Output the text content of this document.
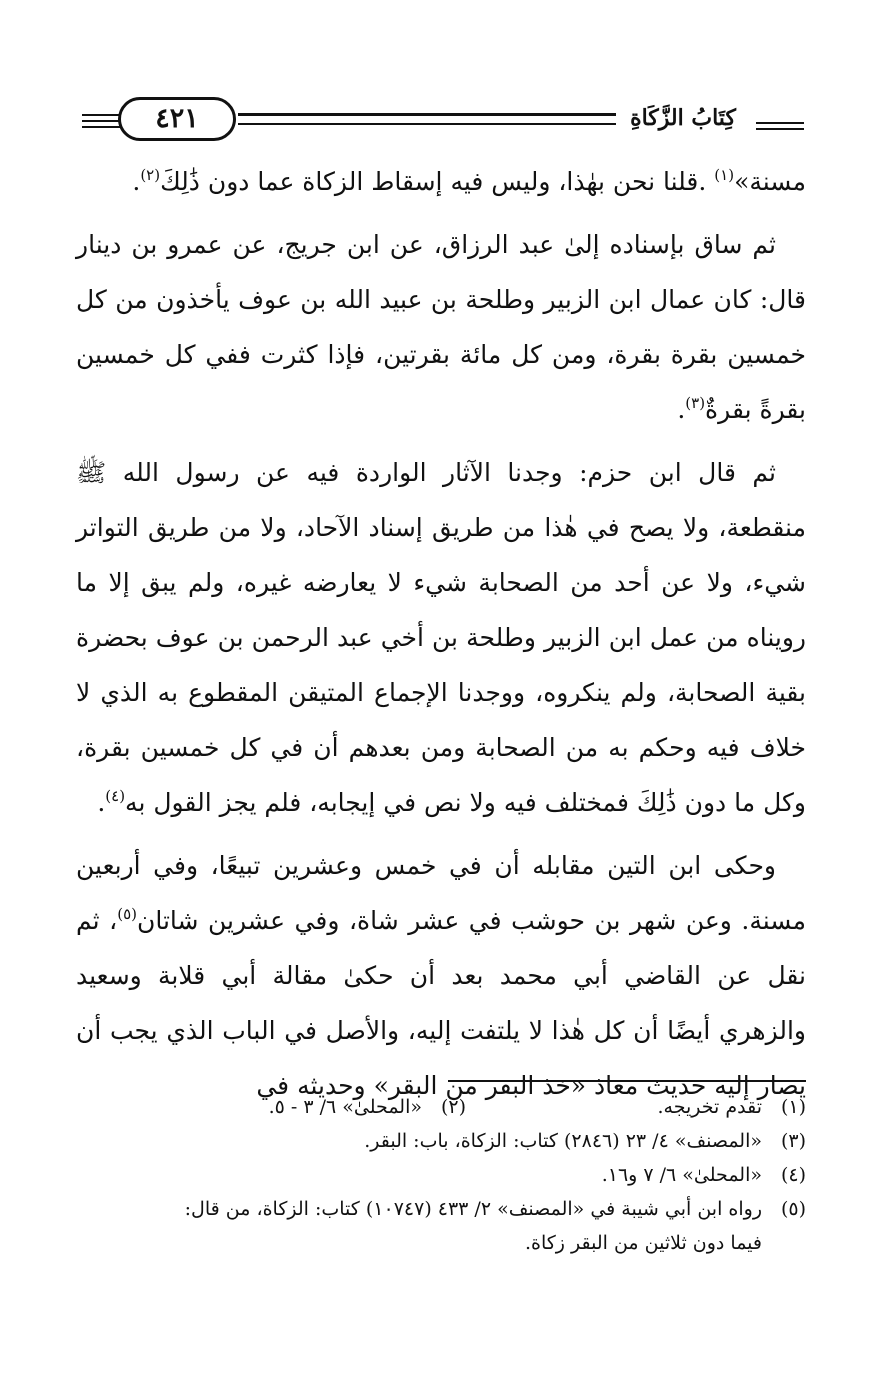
٤٢١	كِتَابُ الزَّكَاةِ

مسنة»$^{(١)}$ .قلنا نحن بهٰذا، وليس فيه إسقاط الزكاة عما دون ذَٰلِكَ$^{(٢)}$.

ثم ساق بإسناده إلىٰ عبد الرزاق، عن ابن جريج، عن عمرو بن دينار قال: كان عمال ابن الزبير وطلحة بن عبيد الله بن عوف يأخذون من كل خمسين بقرة بقرة، ومن كل مائة بقرتين، فإذا كثرت ففي كل خمسين بقرةً بقرةٌ$^{(٣)}$.

ثم قال ابن حزم: وجدنا الآثار الواردة فيه عن رسول الله ﷺ منقطعة، ولا يصح في هٰذا من طريق إسناد الآحاد، ولا من طريق التواتر شيء، ولا عن أحد من الصحابة شيء لا يعارضه غيره، ولم يبق إلا ما رويناه من عمل ابن الزبير وطلحة بن أخي عبد الرحمن بن عوف بحضرة بقية الصحابة، ولم ينكروه، ووجدنا الإجماع المتيقن المقطوع به الذي لا خلاف فيه وحكم به من الصحابة ومن بعدهم أن في كل خمسين بقرة، وكل ما دون ذَٰلِكَ فمختلف فيه ولا نص في إيجابه، فلم يجز القول به$^{(٤)}$.

وحكى ابن التين مقابله أن في خمس وعشرين تبيعًا، وفي أربعين مسنة. وعن شهر بن حوشب في عشر شاة، وفي عشرين شاتان$^{(٥)}$، ثم نقل عن القاضي أبي محمد بعد أن حكىٰ مقالة أبي قلابة وسعيد والزهري أيضًا أن كل هٰذا لا يلتفت إليه، والأصل في الباب الذي يجب أن يصار إليه حديث معاذ «خذ البقر من البقر» وحديثه في

(١)
تقدم تخريجه.
(٢)
«المحلىٰ» ٦/ ٣ - ٥.
(٣)
«المصنف» ٤/ ٢٣ (٢٨٤٦) كتاب: الزكاة، باب: البقر.
(٤)
«المحلىٰ» ٦/ ٧ و١٦.
(٥)
رواه ابن أبي شيبة في «المصنف» ٢/ ٤٣٣ (١٠٧٤٧) كتاب: الزكاة، من قال:
فيما دون ثلاثين من البقر زكاة.
